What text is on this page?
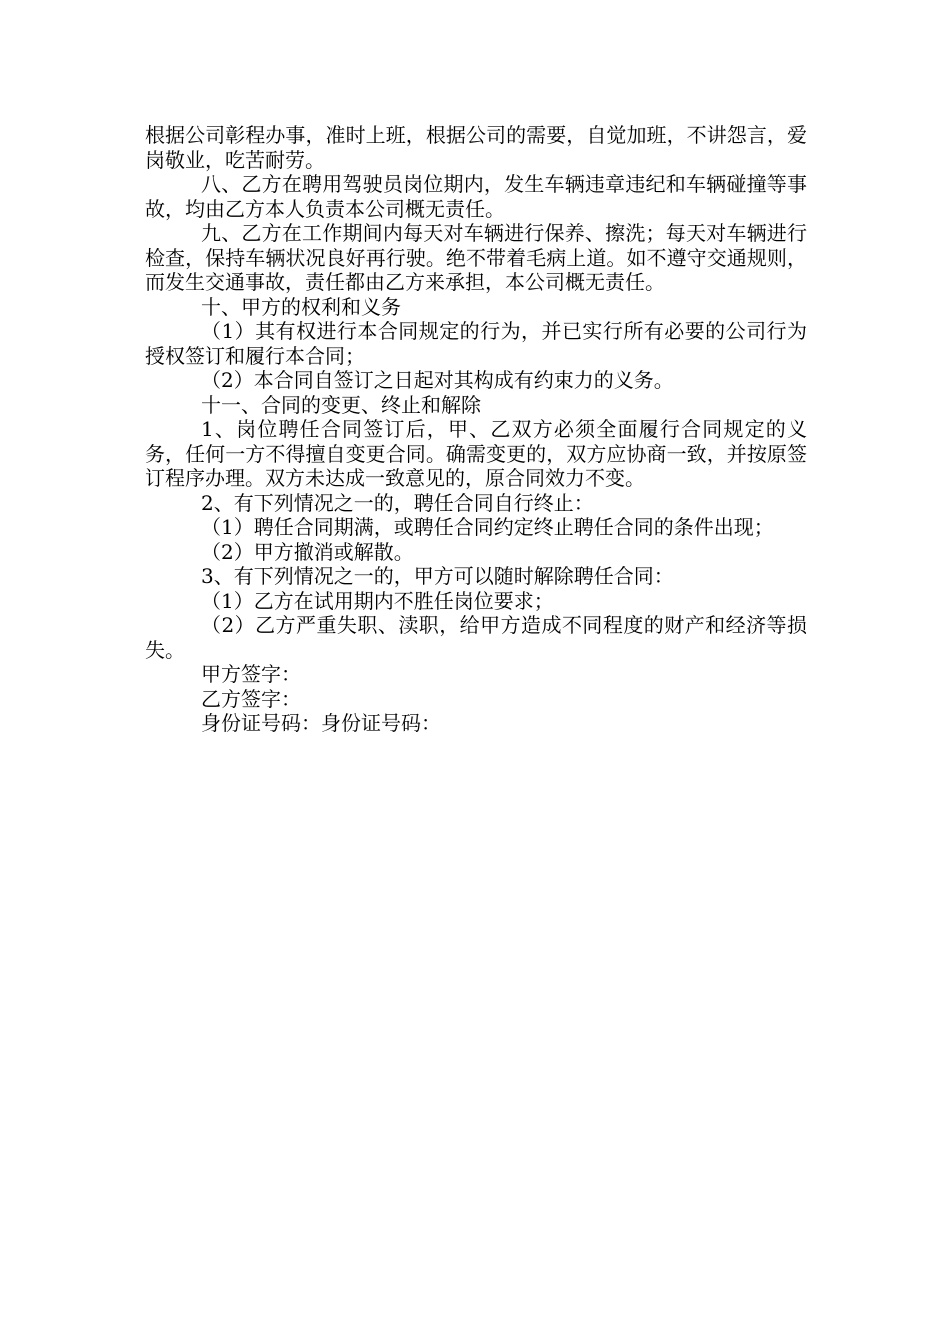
根据公司彰程办事，准时上班，根据公司的需要，自觉加班，不讲怨言，爱岗敬业，吃苦耐劳。

八、乙方在聘用驾驶员岗位期内，发生车辆违章违纪和车辆碰撞等事故，均由乙方本人负责本公司概无责任。

九、乙方在工作期间内每天对车辆进行保养、擦洗；每天对车辆进行检查，保持车辆状况良好再行驶。绝不带着毛病上道。如不遵守交通规则，而发生交通事故，责任都由乙方来承担，本公司概无责任。

十、甲方的权利和义务

（1）其有权进行本合同规定的行为，并已实行所有必要的公司行为授权签订和履行本合同；

（2）本合同自签订之日起对其构成有约束力的义务。

十一、合同的变更、终止和解除

1、岗位聘任合同签订后，甲、乙双方必须全面履行合同规定的义务，任何一方不得擅自变更合同。确需变更的，双方应协商一致，并按原签订程序办理。双方未达成一致意见的，原合同效力不变。

2、有下列情况之一的，聘任合同自行终止：

（1）聘任合同期满，或聘任合同约定终止聘任合同的条件出现；

（2）甲方撤消或解散。

3、有下列情况之一的，甲方可以随时解除聘任合同：

（1）乙方在试用期内不胜任岗位要求；

（2）乙方严重失职、渎职，给甲方造成不同程度的财产和经济等损失。

甲方签字：

乙方签字：

身份证号码：身份证号码：
